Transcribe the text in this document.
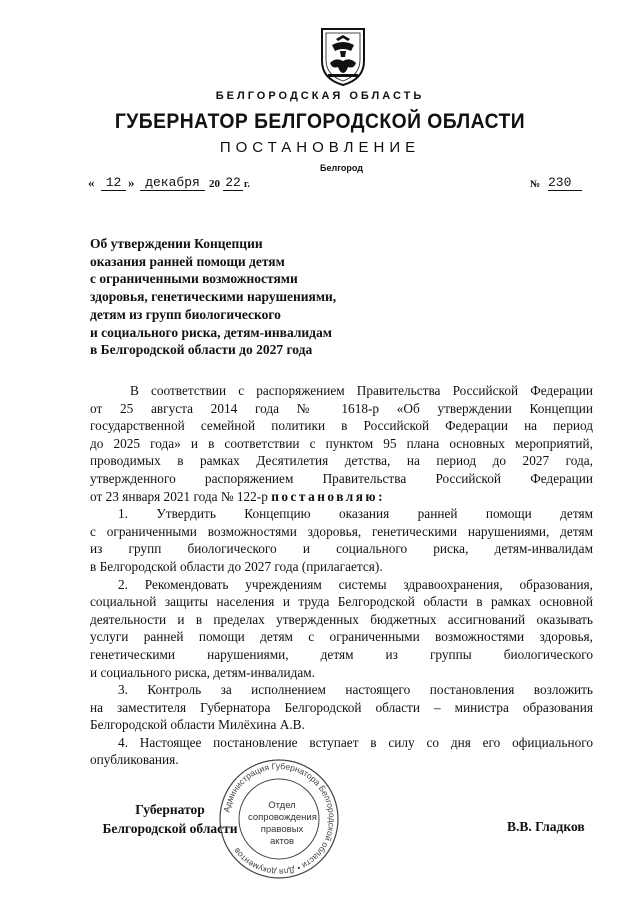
БЕЛГОРОДСКАЯ ОБЛАСТЬ
ГУБЕРНАТОР БЕЛГОРОДСКОЙ ОБЛАСТИ
ПОСТАНОВЛЕНИЕ
Белгород
« 12 » декабря 20 22 г.	№ 230
Об утверждении Концепции
оказания ранней помощи детям
с ограниченными возможностями
здоровья, генетическими нарушениями,
детям из групп биологического
и социального риска, детям-инвалидам
в Белгородской области до 2027 года
В соответствии с распоряжением Правительства Российской Федерации
от 25 августа 2014 года № 1618-р «Об утверждении Концепции
государственной семейной политики в Российской Федерации на период
до 2025 года» и в соответствии с пунктом 95 плана основных мероприятий,
проводимых в рамках Десятилетия детства, на период до 2027 года,
утвержденного распоряжением Правительства Российской Федерации
от 23 января 2021 года № 122-р постановляю:
1. Утвердить Концепцию оказания ранней помощи детям
с ограниченными возможностями здоровья, генетическими нарушениями, детям
из групп биологического и социального риска, детям-инвалидам
в Белгородской области до 2027 года (прилагается).
2. Рекомендовать учреждениям системы здравоохранения, образования,
социальной защиты населения и труда Белгородской области в рамках основной
деятельности и в пределах утвержденных бюджетных ассигнований оказывать
услуги ранней помощи детям с ограниченными возможностями здоровья,
генетическими нарушениями, детям из группы биологического
и социального риска, детям-инвалидам.
3. Контроль за исполнением настоящего постановления возложить
на заместителя Губернатора Белгородской области – министра образования
Белгородской области Милёхина А.В.
4. Настоящее постановление вступает в силу со дня его официального
опубликования.
Администрация Губернатора Белгородской области • Для документов
Отдел
сопровождения
правовых
актов
Губернатор
Белгородской области	В.В. Гладков
